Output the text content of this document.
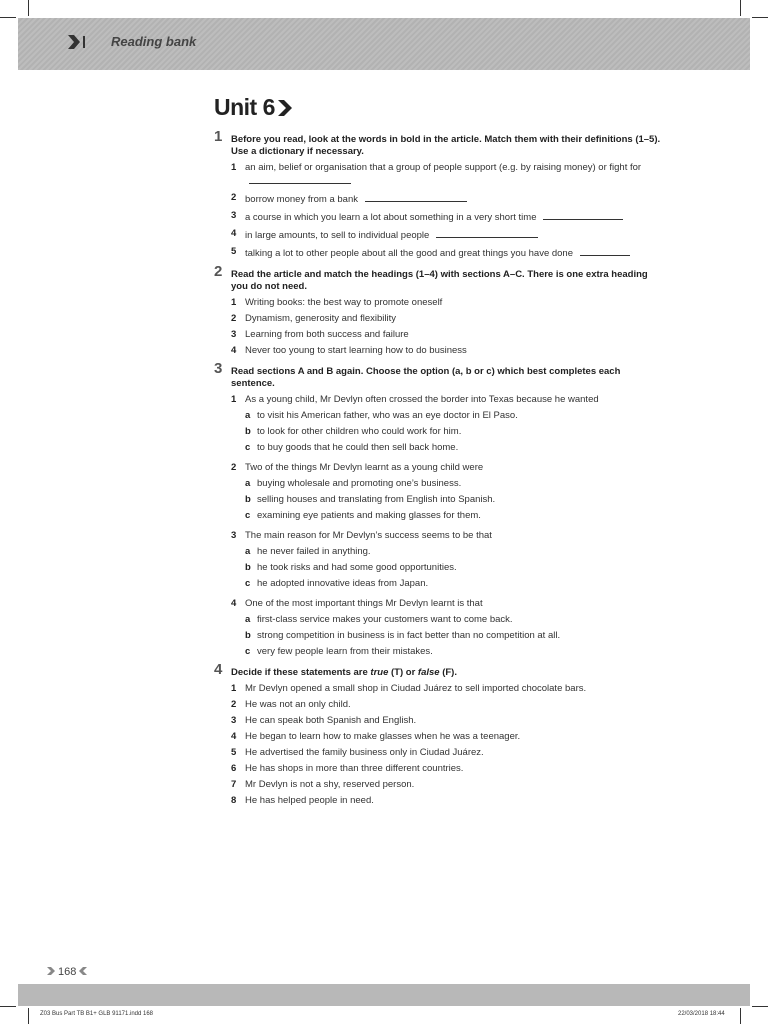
Reading bank
Unit 6
1 Before you read, look at the words in bold in the article. Match them with their definitions (1–5). Use a dictionary if necessary.
1 an aim, belief or organisation that a group of people support (e.g. by raising money) or fight for
2 borrow money from a bank
3 a course in which you learn a lot about something in a very short time
4 in large amounts, to sell to individual people
5 talking a lot to other people about all the good and great things you have done
2 Read the article and match the headings (1–4) with sections A–C. There is one extra heading you do not need.
1 Writing books: the best way to promote oneself
2 Dynamism, generosity and flexibility
3 Learning from both success and failure
4 Never too young to start learning how to do business
3 Read sections A and B again. Choose the option (a, b or c) which best completes each sentence.
1 As a young child, Mr Devlyn often crossed the border into Texas because he wanted
a to visit his American father, who was an eye doctor in El Paso.
b to look for other children who could work for him.
c to buy goods that he could then sell back home.
2 Two of the things Mr Devlyn learnt as a young child were
a buying wholesale and promoting one’s business.
b selling houses and translating from English into Spanish.
c examining eye patients and making glasses for them.
3 The main reason for Mr Devlyn’s success seems to be that
a he never failed in anything.
b he took risks and had some good opportunities.
c he adopted innovative ideas from Japan.
4 One of the most important things Mr Devlyn learnt is that
a first-class service makes your customers want to come back.
b strong competition in business is in fact better than no competition at all.
c very few people learn from their mistakes.
4 Decide if these statements are true (T) or false (F).
1 Mr Devlyn opened a small shop in Ciudad Juárez to sell imported chocolate bars.
2 He was not an only child.
3 He can speak both Spanish and English.
4 He began to learn how to make glasses when he was a teenager.
5 He advertised the family business only in Ciudad Juárez.
6 He has shops in more than three different countries.
7 Mr Devlyn is not a shy, reserved person.
8 He has helped people in need.
168
Z03 Bus Part TB B1+ GLB 91171.indd 168	22/03/2018 18:44
